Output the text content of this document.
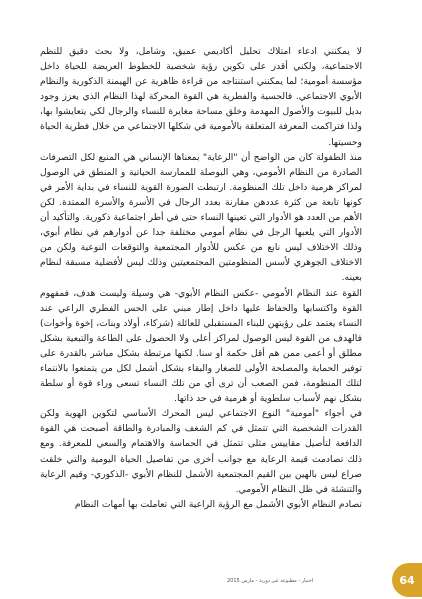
لا يمكنني ادعاء امتلاك تحليل أكاديمي عميق، وشامل، ولا بحث دقيق للنظم الاجتماعية، ولكني أقدر على تكوين رؤية شخصية للخطوط العريضة للحياة داخل مؤسسة أمومية؛ لما يمكنني استنتاجه من قراءة ظاهرية عن الهيمنة الذكورية والنظام الأبوي الاجتماعي. فالحسية والفطرية هي القوة المحركة لهذا النظام الذي يعزز وجود بديل للبيوت والأصول المهدمة وخلق مساحة مغايرة للنساء والرجال لكي يتعايشوا بها، ولذا فتراكمت المعرفة المتعلقة بالأمومية في شكلها الاجتماعي من خلال فطرية الحياة وحسيتها.

منذ الطفولة كان من الواضح أن "الرعاية" بمعناها الإنساني هي المنبع لكل التصرفات الصادرة من النظام الأمومي، وهي البوصلة للممارسة الحياتية و المنطق في الوصول لمراكز هرمية داخل تلك المنظومة. ارتبطت الصورة القوية للنساء في بداية الأمر في كونها تابعة من كثرة عددهن مقارنة بعدد الرجال في الأسرة والأسرة الممتدة. لكن الأهم من العدد هو الأدوار التي تعينها النساء حتى في أطر اجتماعية ذكورية. والتأكيد أن الأدوار التي يلعبها الرجل في نظام أمومي مختلفة جدا عن أدوارهم في نظام أبوي، وذلك الاختلاف ليس نابع من عكس للأدوار المجتمعية والتوقعات النوعية ولكن من الاختلاف الجوهري لأسس المنظومتين المجتمعيتين وذلك ليس لأفضلية مسبقة لنظام بعينه.

القوة عند النظام الأمومي -عكس النظام الأبوي- هي وسيلة وليست هدف، فمفهوم القوة واكتسابها والحفاظ عليها داخل إطار مبني على الحس الفطري الراعي عند النساء يعتمد على رؤيتهن للبناء المستقبلي للعائلة (شركاء، أولاد وبنات، إخوة وأخوات) فالهدف من القوة ليس الوصول لمراكز أعلى ولا الحصول على الطاعة والتبعية بشكل مطلق أو أعمى ممن هم أقل حكمة أو سنا. لكنها مرتبطة بشكل مباشر بالقدرة على توفير الحماية والمصلحة الأولى للصغار والبقاء بشكل أشمل لكل من يتمتعوا بالانتماء لتلك المنظومة، فمن الصعب أن ترى أي من تلك النساء تسعى وراء قوة أو سلطة بشكل نهم لأسباب سلطوية أو هرمية في حد ذاتها.

في أجواء "أمومية" النوع الاجتماعي ليس المحرك الأساسي لتكوين الهوية ولكن القدرات الشخصية التي تتمثل في كم الشغف والمبادرة والطاقة أصبحت هي القوة الدافعة لتأصيل مقاييس مثلى تتمثل في الحماسة والاهتمام والسعي للمعرفة. ومع ذلك تصادمت قيمة الرعاية مع جوانب أخرى من تفاصيل الحياة اليومية والتي خلقت صراع ليس بالهين بين القيم المجتمعية الأشمل للنظام الأبوي -الذكوري- وقيم الرعاية والتنشئة في ظل النظام الأمومي.

تصادم النظام الأبوي الأشمل مع الرؤية الراعية التي تعاملت بها أمهات النظام

64
اختيار - مطبوعة غير دورية - مارس 2015
